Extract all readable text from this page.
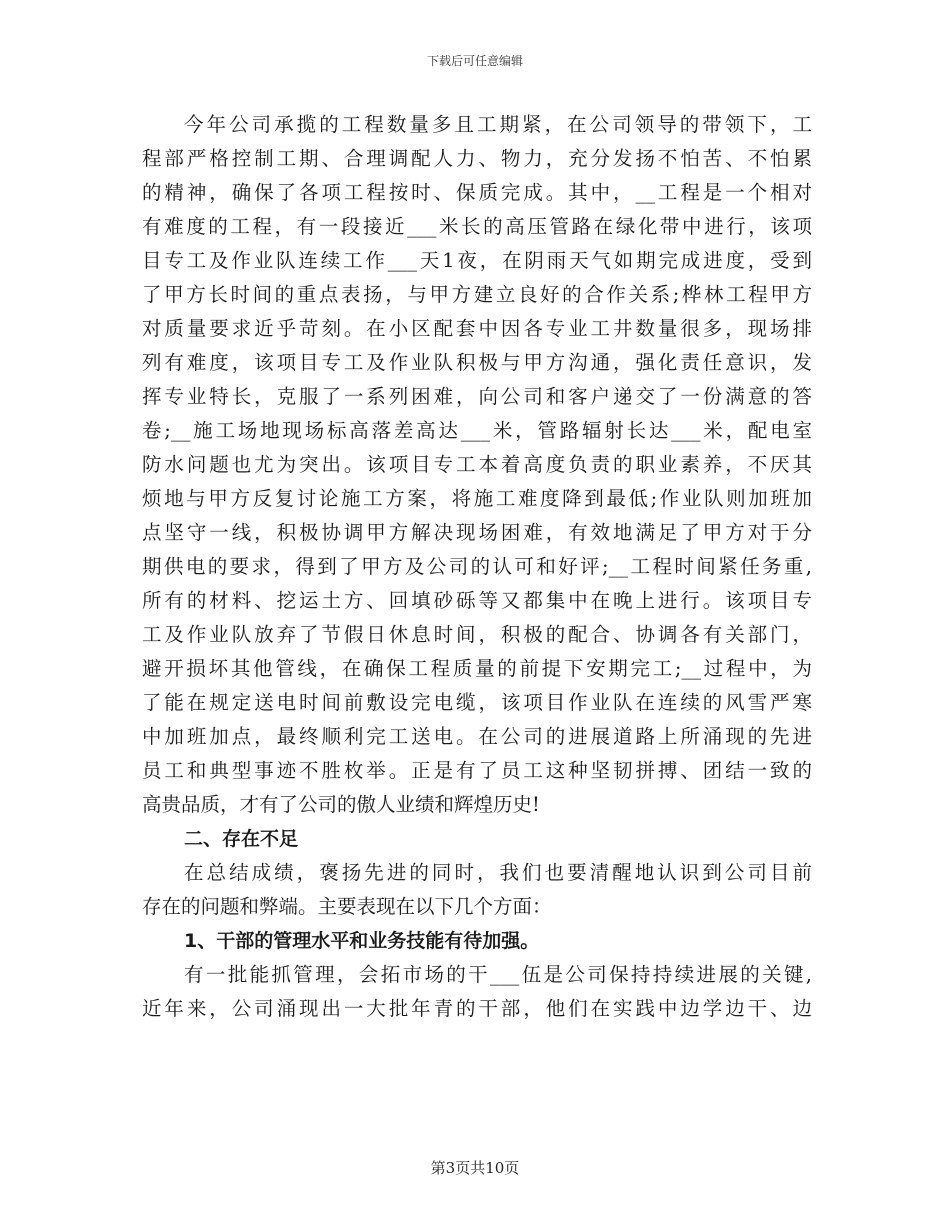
下载后可任意编辑
今年公司承揽的工程数量多且工期紧，在公司领导的带领下，工
程部严格控制工期、合理调配人力、物力，充分发扬不怕苦、不怕累
的精神，确保了各项工程按时、保质完成。其中，__工程是一个相对
有难度的工程，有一段接近___米长的高压管路在绿化带中进行，该项
目专工及作业队连续工作___天1夜，在阴雨天气如期完成进度，受到
了甲方长时间的重点表扬，与甲方建立良好的合作关系;桦林工程甲方
对质量要求近乎苛刻。在小区配套中因各专业工井数量很多，现场排
列有难度，该项目专工及作业队积极与甲方沟通，强化责任意识，发
挥专业特长，克服了一系列困难，向公司和客户递交了一份满意的答
卷;__施工场地现场标高落差高达___米，管路辐射长达___米，配电室
防水问题也尤为突出。该项目专工本着高度负责的职业素养，不厌其
烦地与甲方反复讨论施工方案，将施工难度降到最低;作业队则加班加
点坚守一线，积极协调甲方解决现场困难，有效地满足了甲方对于分
期供电的要求，得到了甲方及公司的认可和好评;__工程时间紧任务重,
所有的材料、挖运土方、回填砂砾等又都集中在晚上进行。该项目专
工及作业队放弃了节假日休息时间，积极的配合、协调各有关部门，
避开损坏其他管线，在确保工程质量的前提下安期完工;__过程中，为
了能在规定送电时间前敷设完电缆，该项目作业队在连续的风雪严寒
中加班加点，最终顺利完工送电。在公司的进展道路上所涌现的先进
员工和典型事迹不胜枚举。正是有了员工这种坚韧拼搏、团结一致的
高贵品质，才有了公司的傲人业绩和辉煌历史!
二、存在不足
在总结成绩，褒扬先进的同时，我们也要清醒地认识到公司目前
存在的问题和弊端。主要表现在以下几个方面：
1、干部的管理水平和业务技能有待加强。
有一批能抓管理，会拓市场的干___伍是公司保持持续进展的关键,
近年来，公司涌现出一大批年青的干部，他们在实践中边学边干、边
第3页共10页
